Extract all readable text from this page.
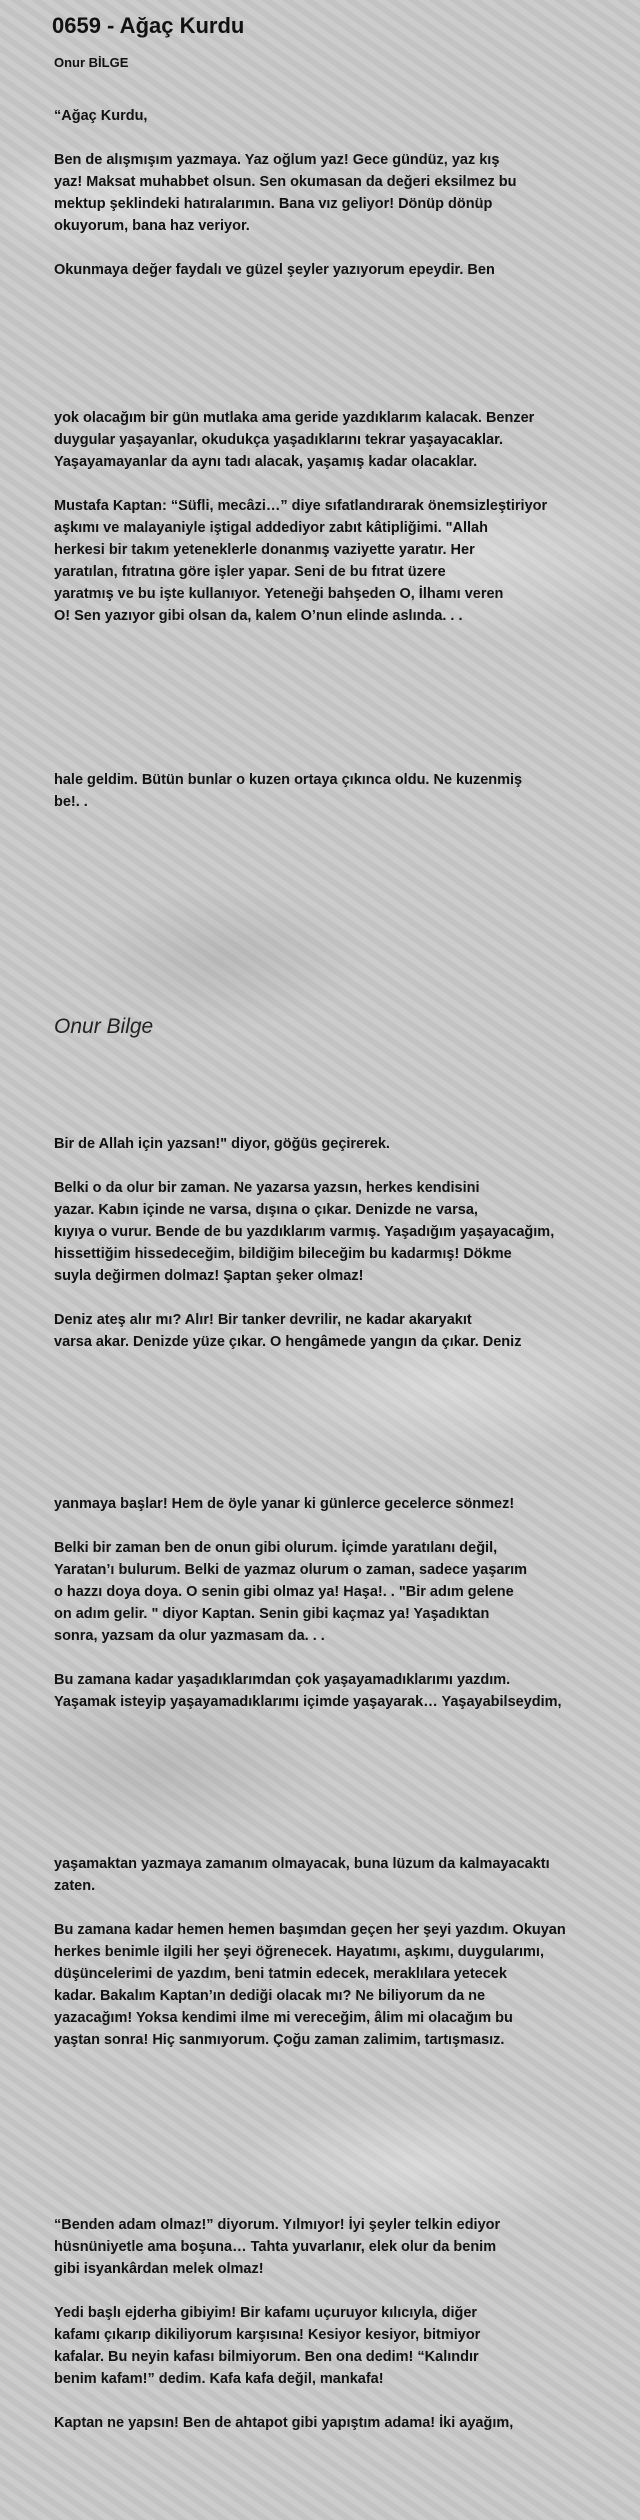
0659 - Ağaç Kurdu
Onur BİLGE

“Ağaç Kurdu,

Ben de alışmışım yazmaya. Yaz oğlum yaz! Gece gündüz, yaz kış
yaz! Maksat muhabbet olsun. Sen okumasan da değeri eksilmez bu
mektup şeklindeki hatıralarımın. Bana vız geliyor! Dönüp dönüp
okuyorum, bana haz veriyor.

Okunmaya değer faydalı ve güzel şeyler yazıyorum epeydir. Ben

yok olacağım bir gün mutlaka ama geride yazdıklarım kalacak. Benzer
duygular yaşayanlar, okudukça yaşadıklarını tekrar yaşayacaklar.
Yaşayamayanlar da aynı tadı alacak, yaşamış kadar olacaklar.

Mustafa Kaptan: “Süfli, mecâzi…” diye sıfatlandırarak önemsizleştiriyor
aşkımı ve malayaniyle iştigal addediyor zabıt kâtipliğimi. "Allah
herkesi bir takım yeteneklerle donanmış vaziyette yaratır. Her
yaratılan, fıtratına göre işler yapar. Seni de bu fıtrat üzere
yaratmış ve bu işte kullanıyor. Yeteneği bahşeden O, İlhamı veren
O! Sen yazıyor gibi olsan da, kalem O’nun elinde aslında. . .

hale geldim. Bütün bunlar o kuzen ortaya çıkınca oldu. Ne kuzenmiş
be!. .

Onur Bilge

Bir de Allah için yazsan!" diyor, göğüs geçirerek.

Belki o da olur bir zaman. Ne yazarsa yazsın, herkes kendisini
yazar. Kabın içinde ne varsa, dışına o çıkar. Denizde ne varsa,
kıyıya o vurur. Bende de bu yazdıklarım varmış. Yaşadığım yaşayacağım,
hissettiğim hissedeceğim, bildiğim bileceğim bu kadarmış! Dökme
suyla değirmen dolmaz! Şaptan şeker olmaz!

Deniz ateş alır mı? Alır! Bir tanker devrilir, ne kadar akaryakıt
varsa akar. Denizde yüze çıkar. O hengâmede yangın da çıkar. Deniz

yanmaya başlar! Hem de öyle yanar ki günlerce gecelerce sönmez!

Belki bir zaman ben de onun gibi olurum. İçimde yaratılanı değil,
Yaratan’ı bulurum. Belki de yazmaz olurum o zaman, sadece yaşarım
o hazzı doya doya. O senin gibi olmaz ya! Haşa!. . "Bir adım gelene
on adım gelir. " diyor Kaptan. Senin gibi kaçmaz ya! Yaşadıktan
sonra, yazsam da olur yazmasam da. . .

Bu zamana kadar yaşadıklarımdan çok yaşayamadıklarımı yazdım.
Yaşamak isteyip yaşayamadıklarımı içimde yaşayarak… Yaşayabilseydim,

yaşamaktan yazmaya zamanım olmayacak, buna lüzum da kalmayacaktı
zaten.

Bu zamana kadar hemen hemen başımdan geçen her şeyi yazdım. Okuyan
herkes benimle ilgili her şeyi öğrenecek. Hayatımı, aşkımı, duygularımı,
düşüncelerimi de yazdım, beni tatmin edecek, meraklılara yetecek
kadar. Bakalım Kaptan’ın dediği olacak mı? Ne biliyorum da ne
yazacağım! Yoksa kendimi ilme mi vereceğim, âlim mi olacağım bu
yaştan sonra! Hiç sanmıyorum. Çoğu zaman zalimim, tartışmasız.

“Benden adam olmaz!” diyorum. Yılmıyor! İyi şeyler telkin ediyor
hüsnüniyetle ama boşuna… Tahta yuvarlanır, elek olur da benim
gibi isyankârdan melek olmaz!

Yedi başlı ejderha gibiyim! Bir kafamı uçuruyor kılıcıyla, diğer
kafamı çıkarıp dikiliyorum karşısına! Kesiyor kesiyor, bitmiyor
kafalar. Bu neyin kafası bilmiyorum. Ben ona dedim! “Kalındır
benim kafam!” dedim. Kafa kafa değil, mankafa!

Kaptan ne yapsın! Ben de ahtapot gibi yapıştım adama! İki ayağım,
